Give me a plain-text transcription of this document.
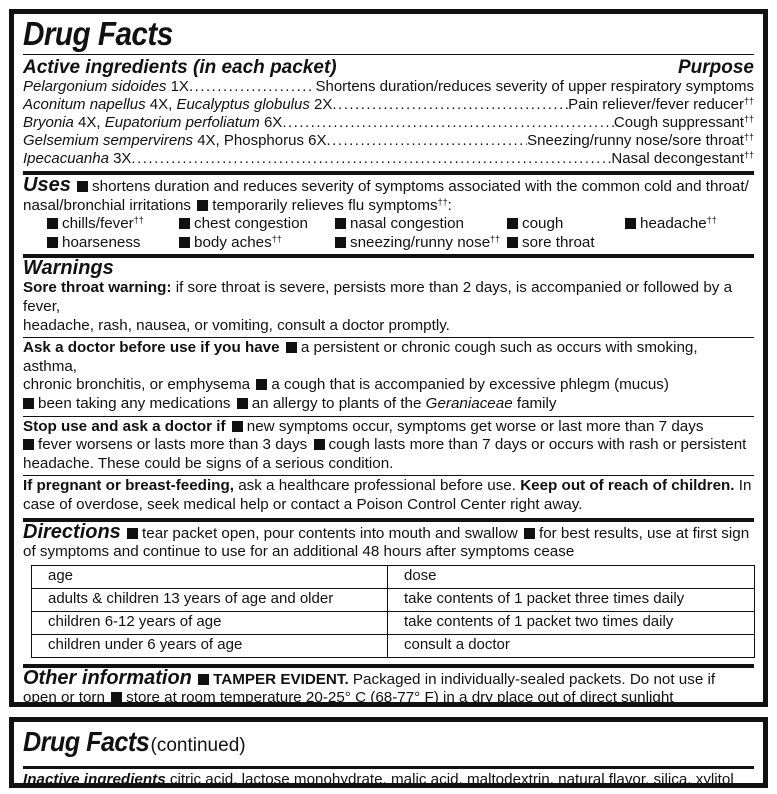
Drug Facts
Active ingredients (in each packet)	Purpose
Pelargonium sidoides 1X .....	Shortens duration/reduces severity of upper respiratory symptoms
Aconitum napellus 4X, Eucalyptus globulus 2X .....	Pain reliever/fever reducer††
Bryonia 4X, Eupatorium perfoliatum 6X .....	Cough suppressant††
Gelsemium sempervirens 4X, Phosphorus 6X .....	Sneezing/runny nose/sore throat††
Ipecacuanha 3X .....	Nasal decongestant††
Uses shortens duration and reduces severity of symptoms associated with the common cold and throat/
nasal/bronchial irritations temporarily relieves flu symptoms††:
chills/fever††	chest congestion	nasal congestion	cough	headache††
hoarseness	body aches††	sneezing/runny nose††	sore throat
Warnings
Sore throat warning: if sore throat is severe, persists more than 2 days, is accompanied or followed by a fever,
headache, rash, nausea, or vomiting, consult a doctor promptly.
Ask a doctor before use if you have a persistent or chronic cough such as occurs with smoking, asthma,
chronic bronchitis, or emphysema a cough that is accompanied by excessive phlegm (mucus)
been taking any medications an allergy to plants of the Geraniaceae family
Stop use and ask a doctor if new symptoms occur, symptoms get worse or last more than 7 days
fever worsens or lasts more than 3 days cough lasts more than 7 days or occurs with rash or persistent
headache. These could be signs of a serious condition.
If pregnant or breast-feeding, ask a healthcare professional before use. Keep out of reach of children. In
case of overdose, seek medical help or contact a Poison Control Center right away.
Directions tear packet open, pour contents into mouth and swallow for best results, use at first sign
of symptoms and continue to use for an additional 48 hours after symptoms cease
age	dose
adults & children 13 years of age and older	take contents of 1 packet three times daily
children 6-12 years of age	take contents of 1 packet two times daily
children under 6 years of age	consult a doctor
Other information TAMPER EVIDENT. Packaged in individually-sealed packets. Do not use if
open or torn store at room temperature 20-25° C (68-77° F) in a dry place out of direct sunlight
Drug Facts (continued)
Inactive ingredients citric acid, lactose monohydrate, malic acid, maltodextrin, natural flavor, silica, xylitol
